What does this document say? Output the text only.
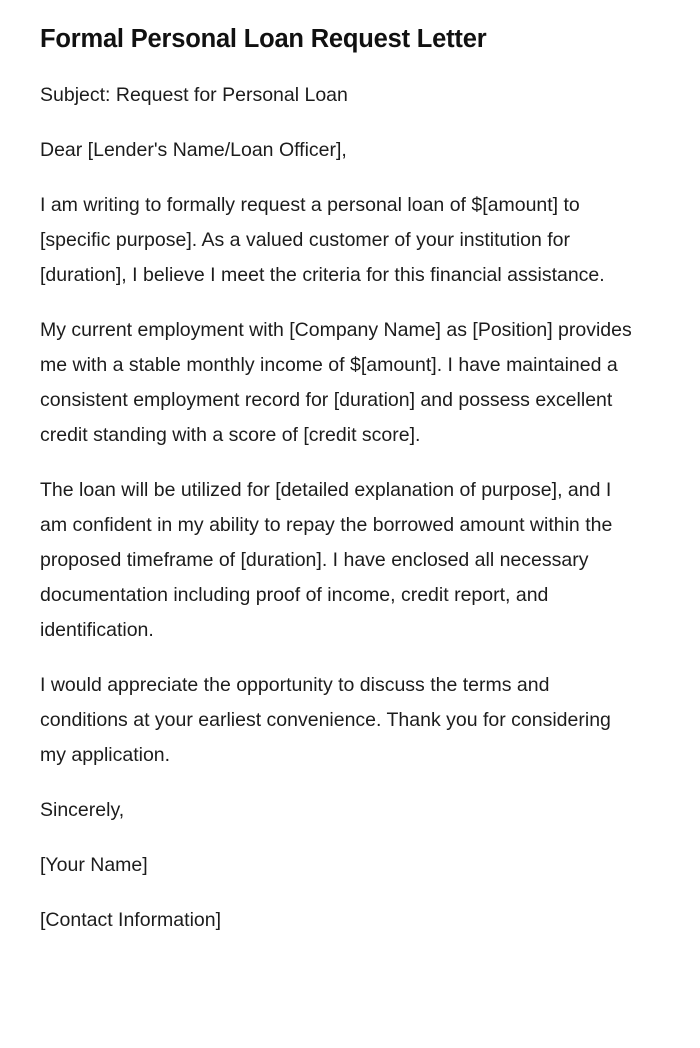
Formal Personal Loan Request Letter

Subject: Request for Personal Loan

Dear [Lender's Name/Loan Officer],

I am writing to formally request a personal loan of $[amount] to [specific purpose]. As a valued customer of your institution for [duration], I believe I meet the criteria for this financial assistance.

My current employment with [Company Name] as [Position] provides me with a stable monthly income of $[amount]. I have maintained a consistent employment record for [duration] and possess excellent credit standing with a score of [credit score].

The loan will be utilized for [detailed explanation of purpose], and I am confident in my ability to repay the borrowed amount within the proposed timeframe of [duration]. I have enclosed all necessary documentation including proof of income, credit report, and identification.

I would appreciate the opportunity to discuss the terms and conditions at your earliest convenience. Thank you for considering my application.

Sincerely,

[Your Name]

[Contact Information]
